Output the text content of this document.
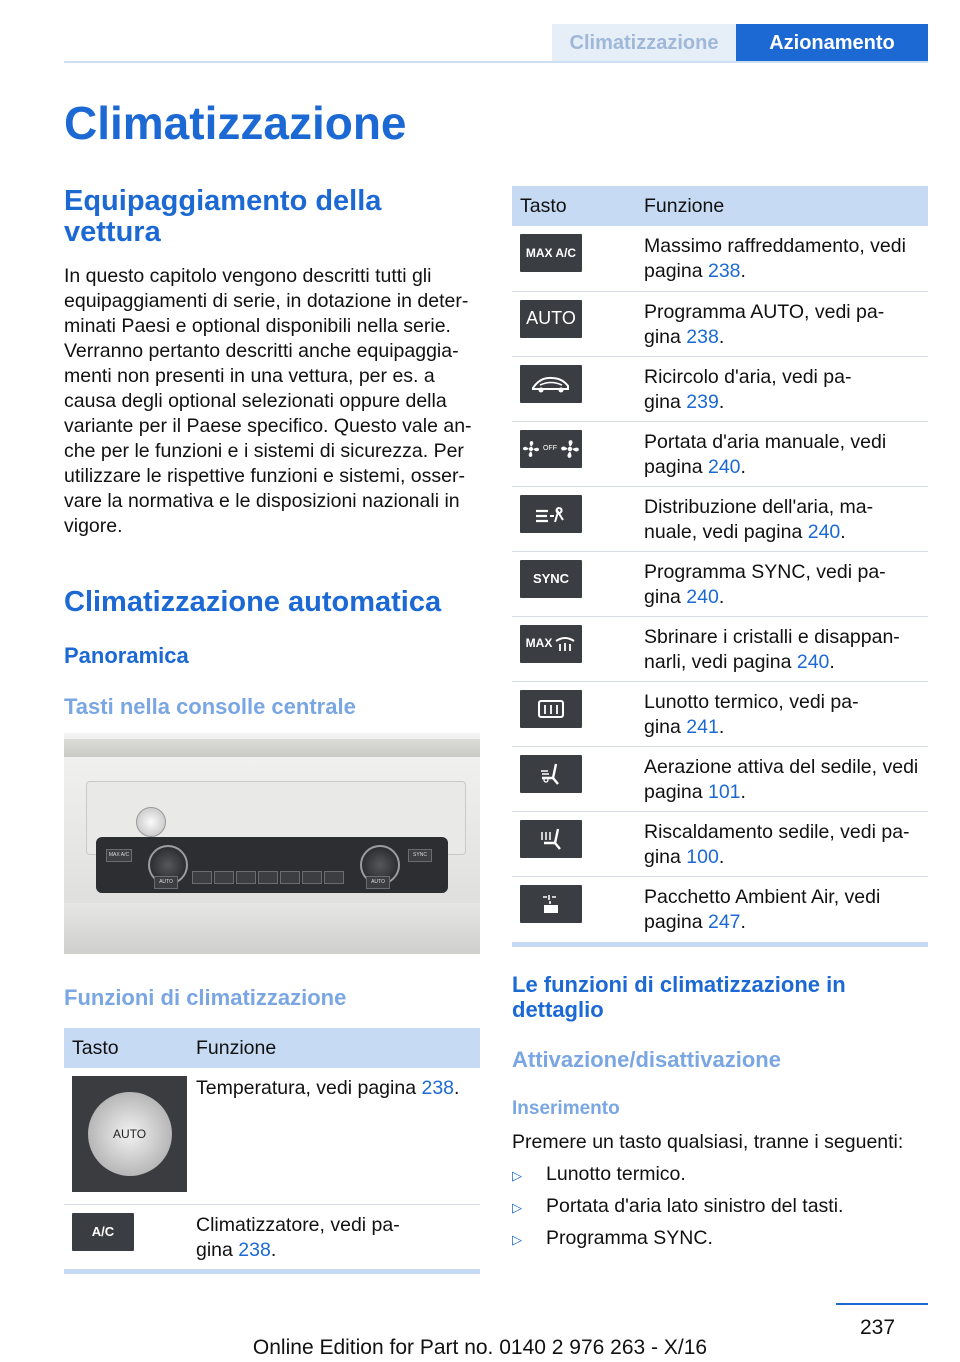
Climatizzazione	Azionamento
Climatizzazione
Equipaggiamento della
vettura
In questo capitolo vengono descritti tutti gli
equipaggiamenti di serie, in dotazione in deter‐
minati Paesi e optional disponibili nella serie.
Verranno pertanto descritti anche equipaggia‐
menti non presenti in una vettura, per es. a
causa degli optional selezionati oppure della
variante per il Paese specifico. Questo vale an‐
che per le funzioni e i sistemi di sicurezza. Per
utilizzare le rispettive funzioni e sistemi, osser‐
vare la normativa e le disposizioni nazionali in
vigore.
Climatizzazione automatica
Panoramica
Tasti nella consolle centrale
MAX A/C
AUTO	AUTO
SYNC
Funzioni di climatizzazione
Tasto	Funzione

AUTO	Temperatura, vedi pagina 238.

A/C	Climatizzatore, vedi pa‐
gina 238.
Tasto	Funzione

MAX A/C	Massimo raffreddamento, vedi
pagina 238.

AUTO	Programma AUTO, vedi pa‐
gina 238.

Ricircolo d'aria, vedi pa‐
gina 239.

OFF	Portata d'aria manuale, vedi
pagina 240.

Distribuzione dell'aria, ma‐
nuale, vedi pagina 240.

SYNC	Programma SYNC, vedi pa‐
gina 240.

MAX	Sbrinare i cristalli e disappan‐
narli, vedi pagina 240.

Lunotto termico, vedi pa‐
gina 241.

Aerazione attiva del sedile, vedi
pagina 101.

Riscaldamento sedile, vedi pa‐
gina 100.

Pacchetto Ambient Air, vedi
pagina 247.
Le funzioni di climatizzazione in
dettaglio
Attivazione/disattivazione
Inserimento
Premere un tasto qualsiasi, tranne i seguenti:
▷ Lunotto termico.
▷ Portata d'aria lato sinistro del tasti.
▷ Programma SYNC.
237
Online Edition for Part no. 0140 2 976 263 - X/16
